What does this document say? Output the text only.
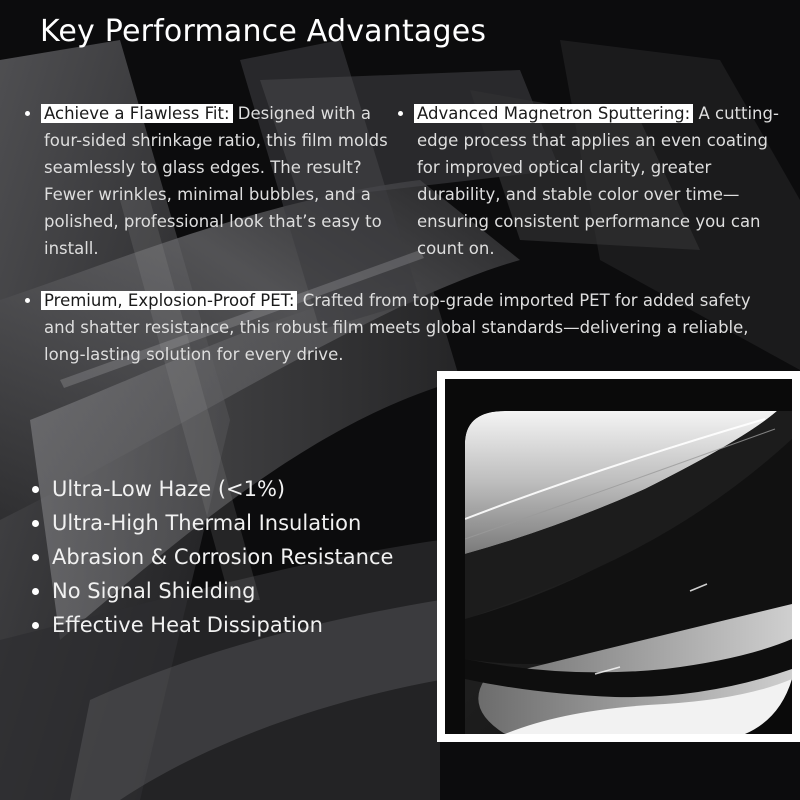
Key Performance Advantages
Achieve a Flawless Fit: Designed with a four-sided shrinkage ratio, this film molds seamlessly to glass edges. The result? Fewer wrinkles, minimal bubbles, and a polished, professional look that’s easy to install.
Advanced Magnetron Sputtering: A cutting-edge process that applies an even coating for improved optical clarity, greater durability, and stable color over time—ensuring consistent performance you can count on.
Premium, Explosion-Proof PET: Crafted from top-grade imported PET for added safety and shatter resistance, this robust film meets global standards—delivering a reliable, long-lasting solution for every drive.
Ultra-Low Haze (<1%)
Ultra-High Thermal Insulation
Abrasion & Corrosion Resistance
No Signal Shielding
Effective Heat Dissipation
